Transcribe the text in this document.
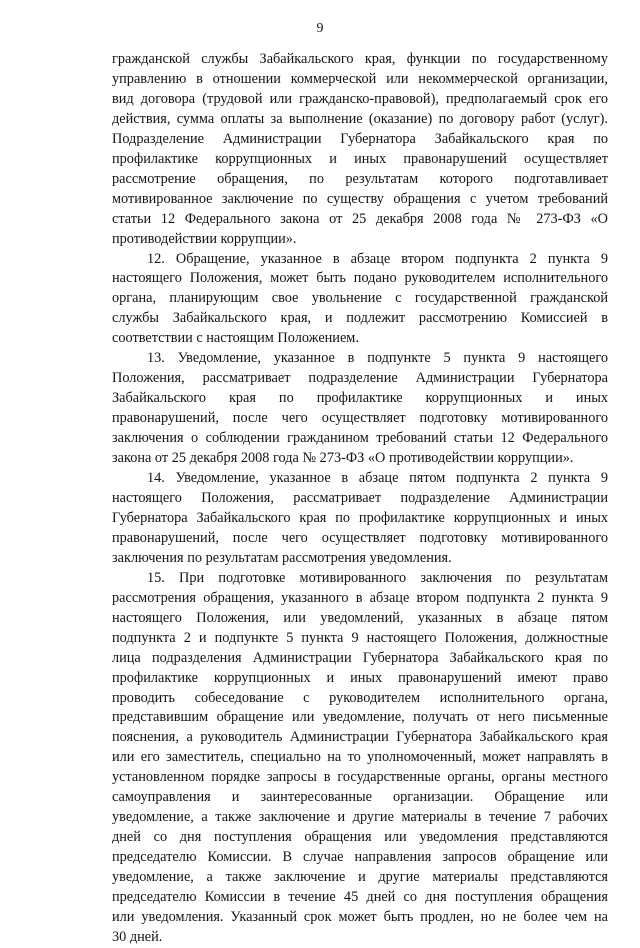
9
гражданской службы Забайкальского края, функции по государственному
управлению в отношении коммерческой или некоммерческой организации,
вид договора (трудовой или гражданско-правовой), предполагаемый срок его
действия, сумма оплаты за выполнение (оказание) по договору работ (услуг).
Подразделение Администрации Губернатора Забайкальского края по
профилактике коррупционных и иных правонарушений осуществляет
рассмотрение обращения, по результатам которого подготавливает
мотивированное заключение по существу обращения с учетом требований
статьи 12 Федерального закона от 25 декабря 2008 года № 273-ФЗ «О
противодействии коррупции».
12. Обращение, указанное в абзаце втором подпункта 2 пункта 9
настоящего Положения, может быть подано руководителем исполнительного
органа, планирующим свое увольнение с государственной гражданской
службы Забайкальского края, и подлежит рассмотрению Комиссией в
соответствии с настоящим Положением.
13. Уведомление, указанное в подпункте 5 пункта 9 настоящего
Положения, рассматривает подразделение Администрации Губернатора
Забайкальского края по профилактике коррупционных и иных
правонарушений, после чего осуществляет подготовку мотивированного
заключения о соблюдении гражданином требований статьи 12 Федерального
закона от 25 декабря 2008 года № 273-ФЗ «О противодействии коррупции».
14. Уведомление, указанное в абзаце пятом подпункта 2 пункта 9
настоящего Положения, рассматривает подразделение Администрации
Губернатора Забайкальского края по профилактике коррупционных и иных
правонарушений, после чего осуществляет подготовку мотивированного
заключения по результатам рассмотрения уведомления.
15. При подготовке мотивированного заключения по результатам
рассмотрения обращения, указанного в абзаце втором подпункта 2 пункта 9
настоящего Положения, или уведомлений, указанных в абзаце пятом
подпункта 2 и подпункте 5 пункта 9 настоящего Положения, должностные
лица подразделения Администрации Губернатора Забайкальского края по
профилактике коррупционных и иных правонарушений имеют право
проводить собеседование с руководителем исполнительного органа,
представившим обращение или уведомление, получать от него письменные
пояснения, а руководитель Администрации Губернатора Забайкальского края
или его заместитель, специально на то уполномоченный, может направлять в
установленном порядке запросы в государственные органы, органы местного
самоуправления и заинтересованные организации. Обращение или
уведомление, а также заключение и другие материалы в течение 7 рабочих
дней со дня поступления обращения или уведомления представляются
председателю Комиссии. В случае направления запросов обращение или
уведомление, а также заключение и другие материалы представляются
председателю Комиссии в течение 45 дней со дня поступления обращения
или уведомления. Указанный срок может быть продлен, но не более чем на
30 дней.
